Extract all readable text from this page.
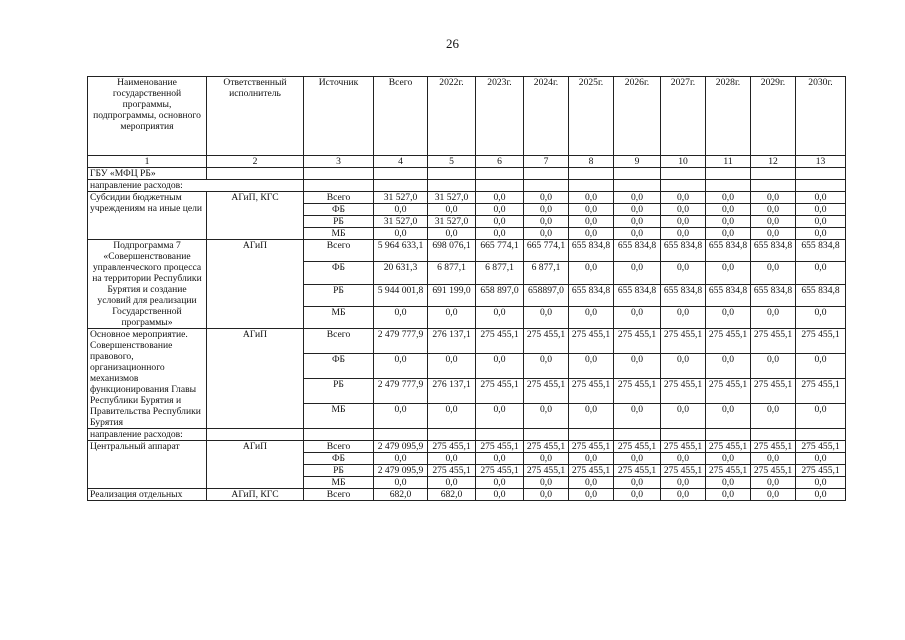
26
Наименование государственной программы, подпрограммы, основного мероприятия	Ответственный исполнитель	Источник	Всего	2022г.	2023г.	2024г.	2025г.	2026г.	2027г.	2028г.	2029г.	2030г.
1	2	3	4	5	6	7	8	9	10	11	12	13
ГБУ «МФЦ РБ»												
направление расходов:												
Субсидии бюджетным учреждениям на иные цели	АГиП, КГС	Всего	31 527,0	31 527,0	0,0	0,0	0,0	0,0	0,0	0,0	0,0	0,0
		ФБ	0,0	0,0	0,0	0,0	0,0	0,0	0,0	0,0	0,0	0,0
		РБ	31 527,0	31 527,0	0,0	0,0	0,0	0,0	0,0	0,0	0,0	0,0
		МБ	0,0	0,0	0,0	0,0	0,0	0,0	0,0	0,0	0,0	0,0
Подпрограмма 7 «Совершенствование управленческого процесса на территории Республики Бурятия и создание условий для реализации Государственной программы»	АГиП	Всего	5 964 633,1	698 076,1	665 774,1	665 774,1	655 834,8	655 834,8	655 834,8	655 834,8	655 834,8	655 834,8
		ФБ	20 631,3	6 877,1	6 877,1	6 877,1	0,0	0,0	0,0	0,0	0,0	0,0
		РБ	5 944 001,8	691 199,0	658 897,0	658897,0	655 834,8	655 834,8	655 834,8	655 834,8	655 834,8	655 834,8
		МБ	0,0	0,0	0,0	0,0	0,0	0,0	0,0	0,0	0,0	0,0
Основное мероприятие. Совершенствование правового, организационного механизмов функционирования Главы Республики Бурятия и Правительства Республики Бурятия	АГиП	Всего	2 479 777,9	276 137,1	275 455,1	275 455,1	275 455,1	275 455,1	275 455,1	275 455,1	275 455,1	275 455,1
		ФБ	0,0	0,0	0,0	0,0	0,0	0,0	0,0	0,0	0,0	0,0
		РБ	2 479 777,9	276 137,1	275 455,1	275 455,1	275 455,1	275 455,1	275 455,1	275 455,1	275 455,1	275 455,1
		МБ	0,0	0,0	0,0	0,0	0,0	0,0	0,0	0,0	0,0	0,0
направление расходов:												
Центральный аппарат	АГиП	Всего	2 479 095,9	275 455,1	275 455,1	275 455,1	275 455,1	275 455,1	275 455,1	275 455,1	275 455,1	275 455,1
		ФБ	0,0	0,0	0,0	0,0	0,0	0,0	0,0	0,0	0,0	0,0
		РБ	2 479 095,9	275 455,1	275 455,1	275 455,1	275 455,1	275 455,1	275 455,1	275 455,1	275 455,1	275 455,1
		МБ	0,0	0,0	0,0	0,0	0,0	0,0	0,0	0,0	0,0	0,0
Реализация отдельных	АГиП, КГС	Всего	682,0	682,0	0,0	0,0	0,0	0,0	0,0	0,0	0,0	0,0
